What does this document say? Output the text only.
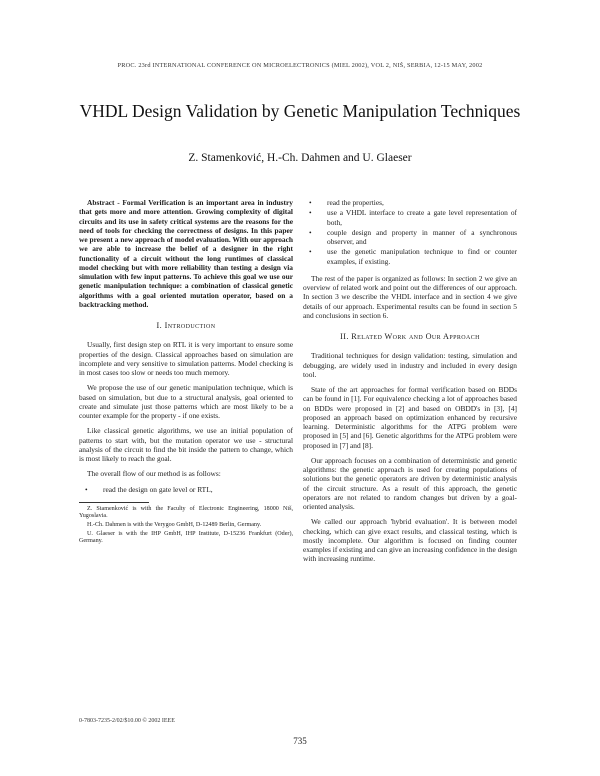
PROC. 23rd INTERNATIONAL CONFERENCE ON MICROELECTRONICS (MIEL 2002), VOL 2, NIŠ, SERBIA, 12-15 MAY, 2002
VHDL Design Validation by Genetic Manipulation Techniques
Z. Stamenković, H.-Ch. Dahmen and U. Glaeser

Abstract - Formal Verification is an important area in industry that gets more and more attention. Growing complexity of digital circuits and its use in safety critical systems are the reasons for the need of tools for checking the correctness of designs. In this paper we present a new approach of model evaluation. With our approach we are able to increase the belief of a designer in the right functionality of a circuit without the long runtimes of classical model checking but with more reliability than testing a design via simulation with few input patterns. To achieve this goal we use our genetic manipulation technique: a combination of classical genetic algorithms with a goal oriented mutation operator, based on a backtracking method.

I. Introduction

Usually, first design step on RTL it is very important to ensure some properties of the design. Classical approaches based on simulation are incomplete and very sensitive to simulation patterns. Model checking is in most cases too slow or needs too much memory.

We propose the use of our genetic manipulation technique, which is based on simulation, but due to a structural analysis, goal oriented to create and simulate just those patterns which are most likely to be a counter example for the property - if one exists.

Like classical genetic algorithms, we use an initial population of patterns to start with, but the mutation operator we use - structural analysis of the circuit to find the bit inside the pattern to change, which is most likely to reach the goal.

The overall flow of our method is as follows:

• read the design on gate level or RTL,

Z. Stamenković is with the Faculty of Electronic Engineering, 18000 Niš, Yugoslavia.

H.-Ch. Dahmen is with the Verygoo GmbH, D-12489 Berlin, Germany.

U. Glaeser is with the IHP GmbH, IHP Institute, D-15236 Frankfurt (Oder), Germany.

• read the properties,
• use a VHDL interface to create a gate level representation of both,
• couple design and property in manner of a synchronous observer, and
• use the genetic manipulation technique to find or counter examples, if existing.

The rest of the paper is organized as follows: In section 2 we give an overview of related work and point out the differences of our approach. In section 3 we describe the VHDL interface and in section 4 we give details of our approach. Experimental results can be found in section 5 and conclusions in section 6.

II. Related Work and Our Approach

Traditional techniques for design validation: testing, simulation and debugging, are widely used in industry and included in every design tool.

State of the art approaches for formal verification based on BDDs can be found in [1]. For equivalence checking a lot of approaches based on BDDs were proposed in [2] and based on OBDD's in [3], [4] proposed an approach based on optimization enhanced by recursive learning. Deterministic algorithms for the ATPG problem were proposed in [5] and [6]. Genetic algorithms for the ATPG problem were proposed in [7] and [8].

Our approach focuses on a combination of deterministic and genetic algorithms: the genetic approach is used for creating populations of solutions but the genetic operators are driven by deterministic analysis of the circuit structure. As a result of this approach, the genetic operators are not related to random changes but driven by a goal-oriented analysis.

We called our approach 'hybrid evaluation'. It is between model checking, which can give exact results, and classical testing, which is mostly incomplete. Our algorithm is focused on finding counter examples if existing and can give an increasing confidence in the design with increasing runtime.

0-7803-7235-2/02/$10.00 © 2002 IEEE
735
